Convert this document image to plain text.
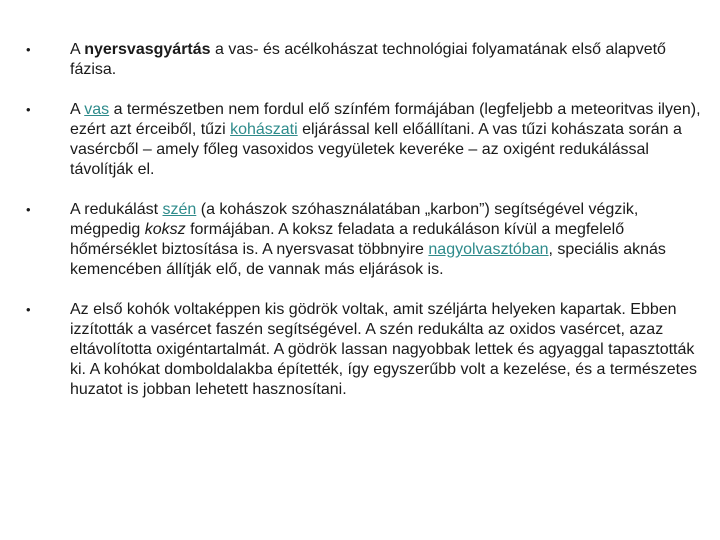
• A nyersvasgyártás a vas- és acélkohászat technológiai folyamatának első alapvető fázisa.
• A vas a természetben nem fordul elő színfém formájában (legfeljebb a meteoritvas ilyen), ezért azt érceiből, tűzi kohászati eljárással kell előállítani. A vas tűzi kohászata során a vasércből – amely főleg vasoxidos vegyületek keveréke – az oxigént redukálással távolítják el.
• A redukálást szén (a kohászok szóhasználatában „karbon”) segítségével végzik, mégpedig koksz formájában. A koksz feladata a redukáláson kívül a megfelelő hőmérséklet biztosítása is. A nyersvasat többnyire nagyolvasztóban, speciális aknás kemencében állítják elő, de vannak más eljárások is.
• Az első kohók voltaképpen kis gödrök voltak, amit széljárta helyeken kapartak. Ebben izzították a vasércet faszén segítségével. A szén redukálta az oxidos vasércet, azaz eltávolította oxigéntartalmát. A gödrök lassan nagyobbak lettek és agyaggal tapasztották ki. A kohókat domboldalakba építették, így egyszerűbb volt a kezelése, és a természetes huzatot is jobban lehetett hasznosítani.
